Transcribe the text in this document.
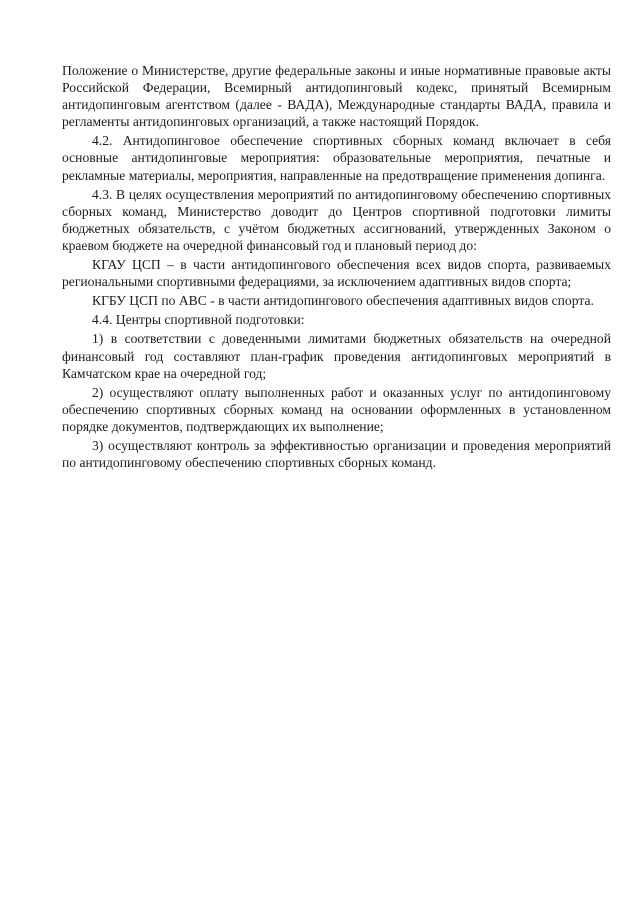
Положение о Министерстве, другие федеральные законы и иные нормативные правовые акты Российской Федерации, Всемирный антидопинговый кодекс, принятый Всемирным антидопинговым агентством (далее - ВАДА), Международные стандарты ВАДА, правила и регламенты антидопинговых организаций, а также настоящий Порядок.

4.2. Антидопинговое обеспечение спортивных сборных команд включает в себя основные антидопинговые мероприятия: образовательные мероприятия, печатные и рекламные материалы, мероприятия, направленные на предотвращение применения допинга.

4.3. В целях осуществления мероприятий по антидопинговому обеспечению спортивных сборных команд, Министерство доводит до Центров спортивной подготовки лимиты бюджетных обязательств, с учётом бюджетных ассигнований, утвержденных Законом о краевом бюджете на очередной финансовый год и плановый период до:

КГАУ ЦСП – в части антидопингового обеспечения всех видов спорта, развиваемых региональными спортивными федерациями, за исключением адаптивных видов спорта;

КГБУ ЦСП по АВС - в части антидопингового обеспечения адаптивных видов спорта.

4.4. Центры спортивной подготовки:

1) в соответствии с доведенными лимитами бюджетных обязательств на очередной финансовый год составляют план-график проведения антидопинговых мероприятий в Камчатском крае на очередной год;

2) осуществляют оплату выполненных работ и оказанных услуг по антидопинговому обеспечению спортивных сборных команд на основании оформленных в установленном порядке документов, подтверждающих их выполнение;

3) осуществляют контроль за эффективностью организации и проведения мероприятий по антидопинговому обеспечению спортивных сборных команд.
